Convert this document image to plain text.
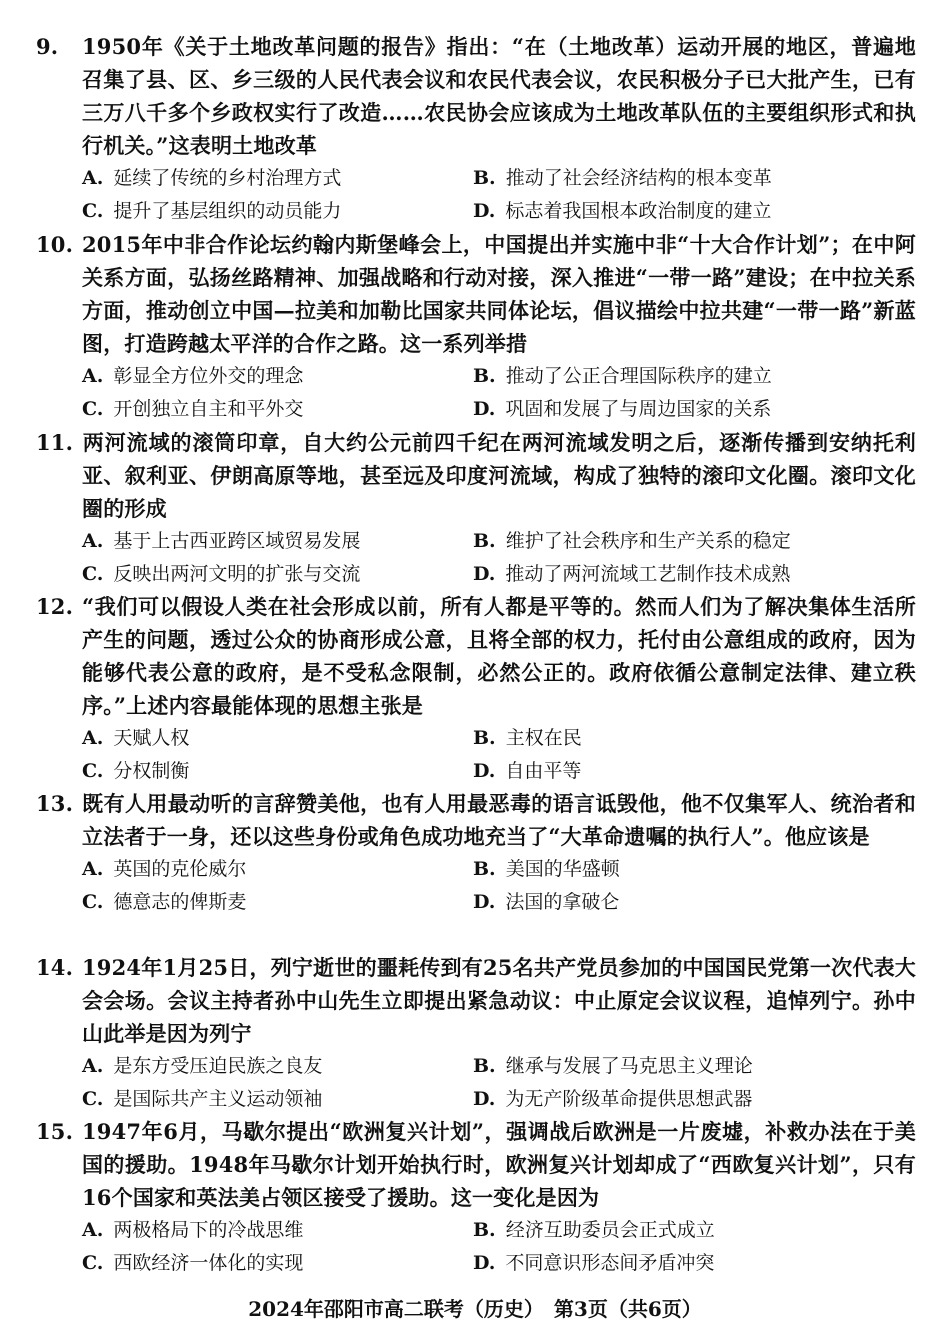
9. 1950年《关于土地改革问题的报告》指出：“在（土地改革）运动开展的地区，普遍地召集了县、区、乡三级的人民代表会议和农民代表会议，农民积极分子已大批产生，已有三万八千多个乡政权实行了改造……农民协会应该成为土地改革队伍的主要组织形式和执行机关。”这表明土地改革

A. 延续了传统的乡村治理方式	B. 推动了社会经济结构的根本变革
C. 提升了基层组织的动员能力	D. 标志着我国根本政治制度的建立

10. 2015年中非合作论坛约翰内斯堡峰会上，中国提出并实施中非“十大合作计划”；在中阿关系方面，弘扬丝路精神、加强战略和行动对接，深入推进“一带一路”建设；在中拉关系方面，推动创立中国—拉美和加勒比国家共同体论坛，倡议描绘中拉共建“一带一路”新蓝图，打造跨越太平洋的合作之路。这一系列举措

A. 彰显全方位外交的理念	B. 推动了公正合理国际秩序的建立
C. 开创独立自主和平外交	D. 巩固和发展了与周边国家的关系

11. 两河流域的滚筒印章，自大约公元前四千纪在两河流域发明之后，逐渐传播到安纳托利亚、叙利亚、伊朗高原等地，甚至远及印度河流域，构成了独特的滚印文化圈。滚印文化圈的形成

A. 基于上古西亚跨区域贸易发展	B. 维护了社会秩序和生产关系的稳定
C. 反映出两河文明的扩张与交流	D. 推动了两河流域工艺制作技术成熟

12. “我们可以假设人类在社会形成以前，所有人都是平等的。然而人们为了解决集体生活所产生的问题，透过公众的协商形成公意，且将全部的权力，托付由公意组成的政府，因为能够代表公意的政府，是不受私念限制，必然公正的。政府依循公意制定法律、建立秩序。”上述内容最能体现的思想主张是

A. 天赋人权	B. 主权在民
C. 分权制衡	D. 自由平等

13. 既有人用最动听的言辞赞美他，也有人用最恶毒的语言诋毁他，他不仅集军人、统治者和立法者于一身，还以这些身份或角色成功地充当了“大革命遗嘱的执行人”。他应该是

A. 英国的克伦威尔	B. 美国的华盛顿
C. 德意志的俾斯麦	D. 法国的拿破仑

14. 1924年1月25日，列宁逝世的噩耗传到有25名共产党员参加的中国国民党第一次代表大会会场。会议主持者孙中山先生立即提出紧急动议：中止原定会议议程，追悼列宁。孙中山此举是因为列宁

A. 是东方受压迫民族之良友	B. 继承与发展了马克思主义理论
C. 是国际共产主义运动领袖	D. 为无产阶级革命提供思想武器

15. 1947年6月，马歇尔提出“欧洲复兴计划”，强调战后欧洲是一片废墟，补救办法在于美国的援助。1948年马歇尔计划开始执行时，欧洲复兴计划却成了“西欧复兴计划”，只有16个国家和英法美占领区接受了援助。这一变化是因为

A. 两极格局下的冷战思维	B. 经济互助委员会正式成立
C. 西欧经济一体化的实现	D. 不同意识形态间矛盾冲突
2024年邵阳市高二联考（历史）　第3页（共6页）
